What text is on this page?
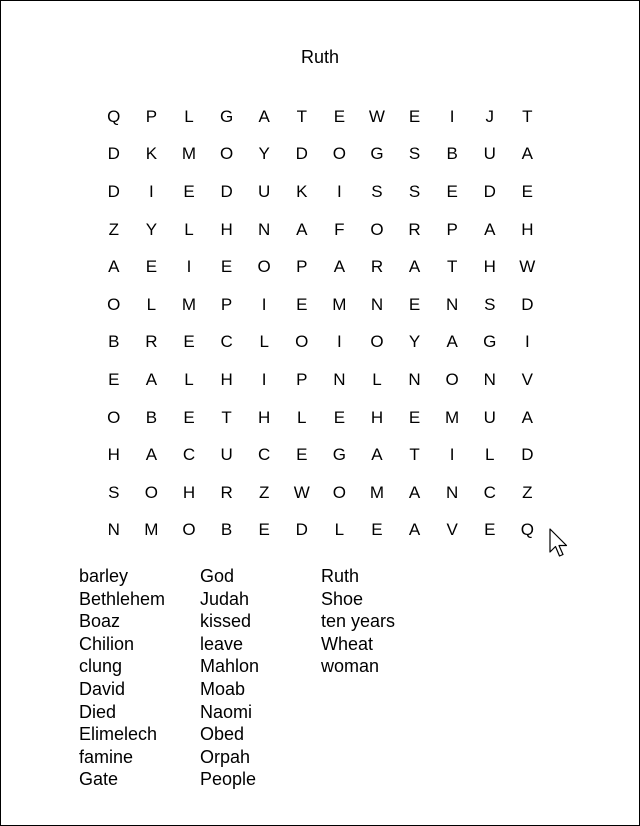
Ruth
Q	P	L	G	A	T	E	W	E	I	J	T
D	K	M	O	Y	D	O	G	S	B	U	A
D	I	E	D	U	K	I	S	S	E	D	E
Z	Y	L	H	N	A	F	O	R	P	A	H
A	E	I	E	O	P	A	R	A	T	H	W
O	L	M	P	I	E	M	N	E	N	S	D
B	R	E	C	L	O	I	O	Y	A	G	I
E	A	L	H	I	P	N	L	N	O	N	V
O	B	E	T	H	L	E	H	E	M	U	A
H	A	C	U	C	E	G	A	T	I	L	D
S	O	H	R	Z	W	O	M	A	N	C	Z
N	M	O	B	E	D	L	E	A	V	E	Q
barley
Bethlehem
Boaz
Chilion
clung
David
Died
Elimelech
famine
Gate
God
Judah
kissed
leave
Mahlon
Moab
Naomi
Obed
Orpah
People
Ruth
Shoe
ten years
Wheat
woman
